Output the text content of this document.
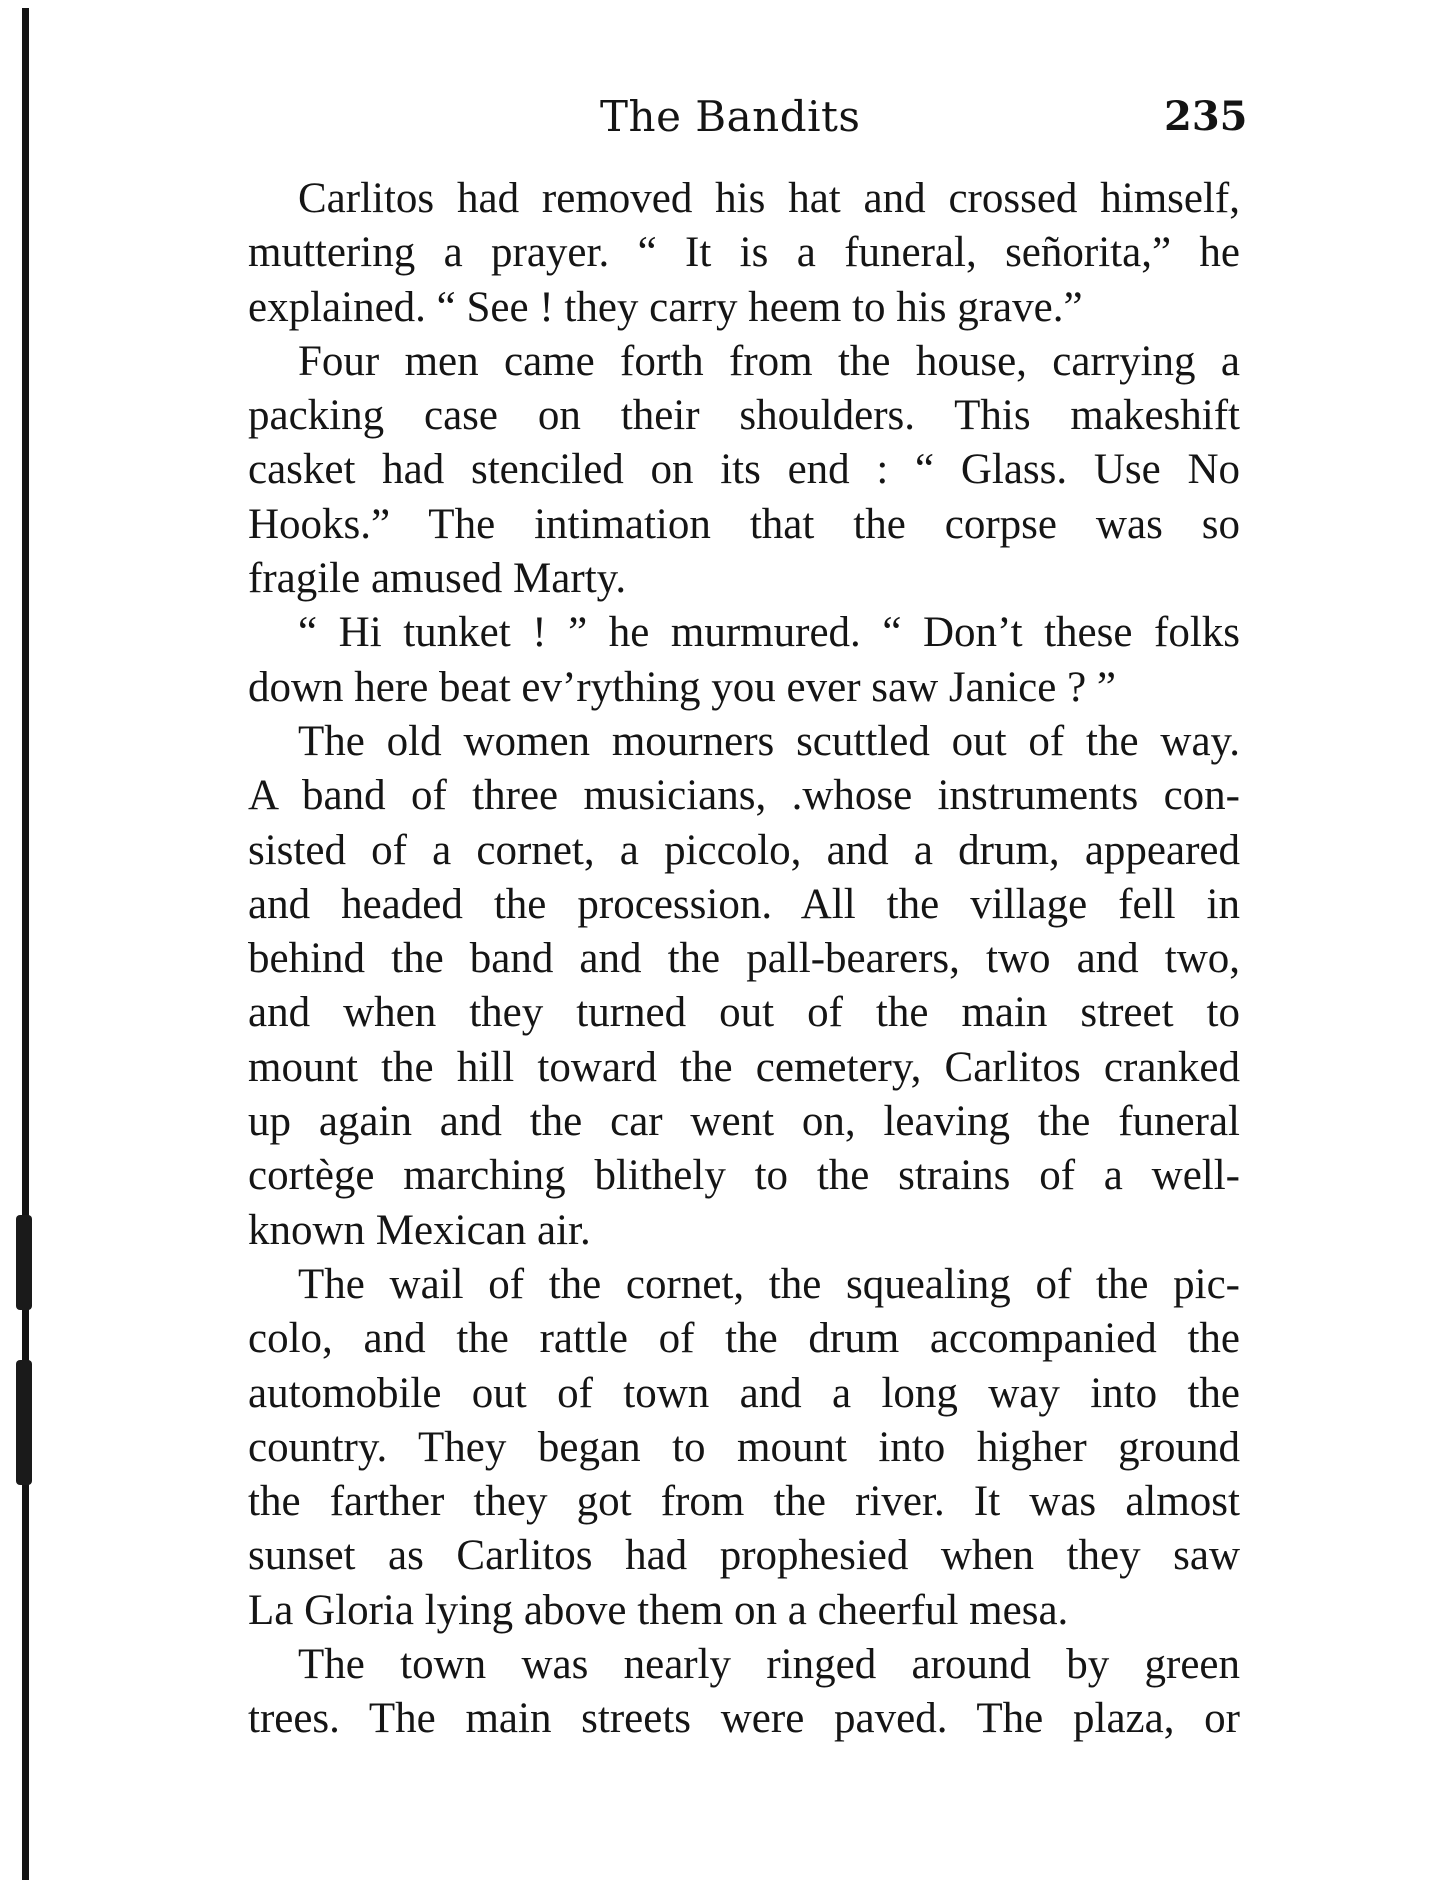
The Bandits	235
Carlitos had removed his hat and crossed himself,
muttering a prayer. “ It is a funeral, señorita,” he
explained. “ See ! they carry heem to his grave.”
Four men came forth from the house, carrying a
packing case on their shoulders. This makeshift
casket had stenciled on its end : “ Glass. Use No
Hooks.” The intimation that the corpse was so
fragile amused Marty.
“ Hi tunket ! ” he murmured. “ Don’t these folks
down here beat ev’rything you ever saw Janice ? ”
The old women mourners scuttled out of the way.
A band of three musicians, .whose instruments con-
sisted of a cornet, a piccolo, and a drum, appeared
and headed the procession. All the village fell in
behind the band and the pall-bearers, two and two,
and when they turned out of the main street to
mount the hill toward the cemetery, Carlitos cranked
up again and the car went on, leaving the funeral
cortège marching blithely to the strains of a well-
known Mexican air.
The wail of the cornet, the squealing of the pic-
colo, and the rattle of the drum accompanied the
automobile out of town and a long way into the
country. They began to mount into higher ground
the farther they got from the river. It was almost
sunset as Carlitos had prophesied when they saw
La Gloria lying above them on a cheerful mesa.
The town was nearly ringed around by green
trees. The main streets were paved. The plaza, or
